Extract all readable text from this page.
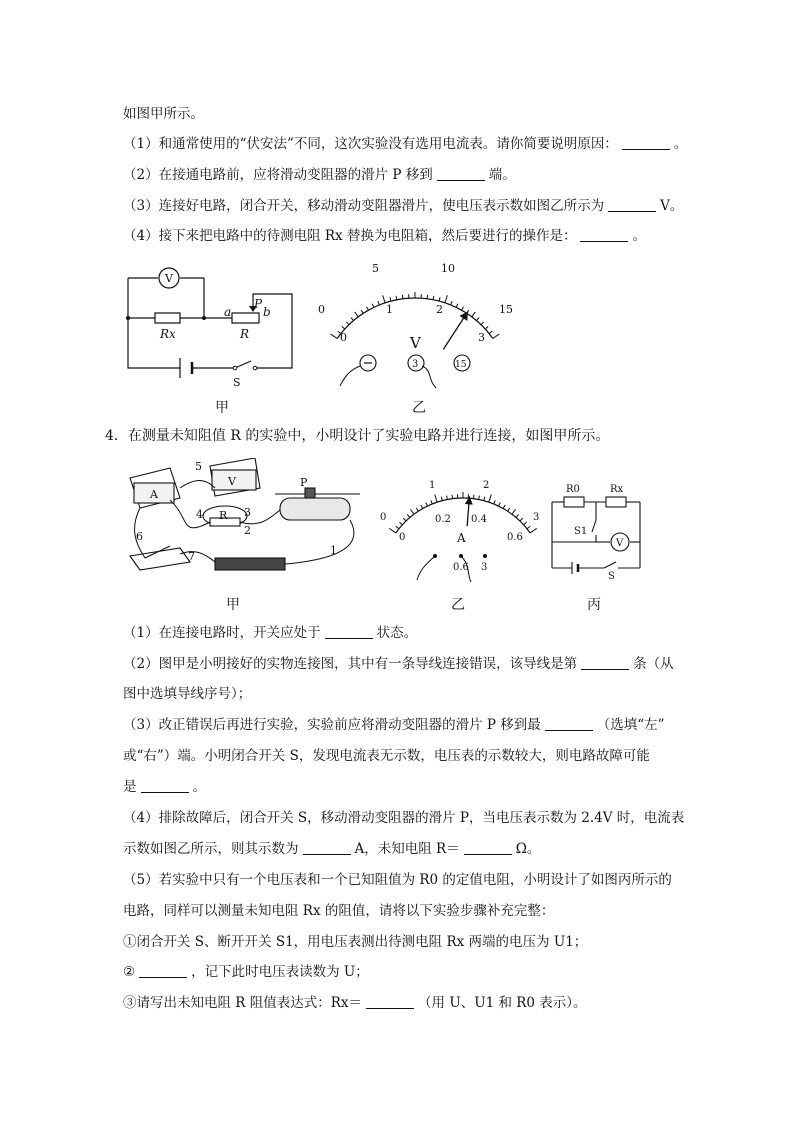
如图甲所示。
（1）和通常使用的“伏安法”不同，这次实验没有选用电流表。请你简要说明原因：	。
（2）在接通电路前，应将滑动变阻器的滑片 P 移到	端。
（3）连接好电路，闭合开关，移动滑动变阻器滑片，使电压表示数如图乙所示为	V。
（4）接下来把电路中的待测电阻 Rx 替换为电阻箱，然后要进行的操作是：	。
V
Rx
a
P
b
R
S
0
5	10
15
0
1	2
3
V
3	15
甲	乙
4．在测量未知阻值 R 的实验中，小明设计了实验电路并进行连接，如图甲所示。
5
4	3
2
6
7	1
A
V
R
P
0
1	2
3
0
0.2 0.4
0.6
A
0.6 3
R0	Rx
S1
V
S
甲	乙	丙
（1）在连接电路时，开关应处于	状态。
（2）图甲是小明接好的实物连接图，其中有一条导线连接错误，该导线是第	条（从
图中选填导线序号）；
（3）改正错误后再进行实验，实验前应将滑动变阻器的滑片 P 移到最	（选填“左”
或“右”）端。小明闭合开关 S，发现电流表无示数，电压表的示数较大，则电路故障可能
是	。
（4）排除故障后，闭合开关 S，移动滑动变阻器的滑片 P，当电压表示数为 2.4V 时，电流表
示数如图乙所示，则其示数为	A，未知电阻 R＝	Ω。
（5）若实验中只有一个电压表和一个已知阻值为 R0 的定值电阻，小明设计了如图丙所示的
电路，同样可以测量未知电阻 Rx 的阻值，请将以下实验步骤补充完整：
①闭合开关 S、断开开关 S1，用电压表测出待测电阻 Rx 两端的电压为 U1；
②	，记下此时电压表读数为 U；
③请写出未知电阻 R 阻值表达式：Rx＝	（用 U、U1 和 R0 表示）。
